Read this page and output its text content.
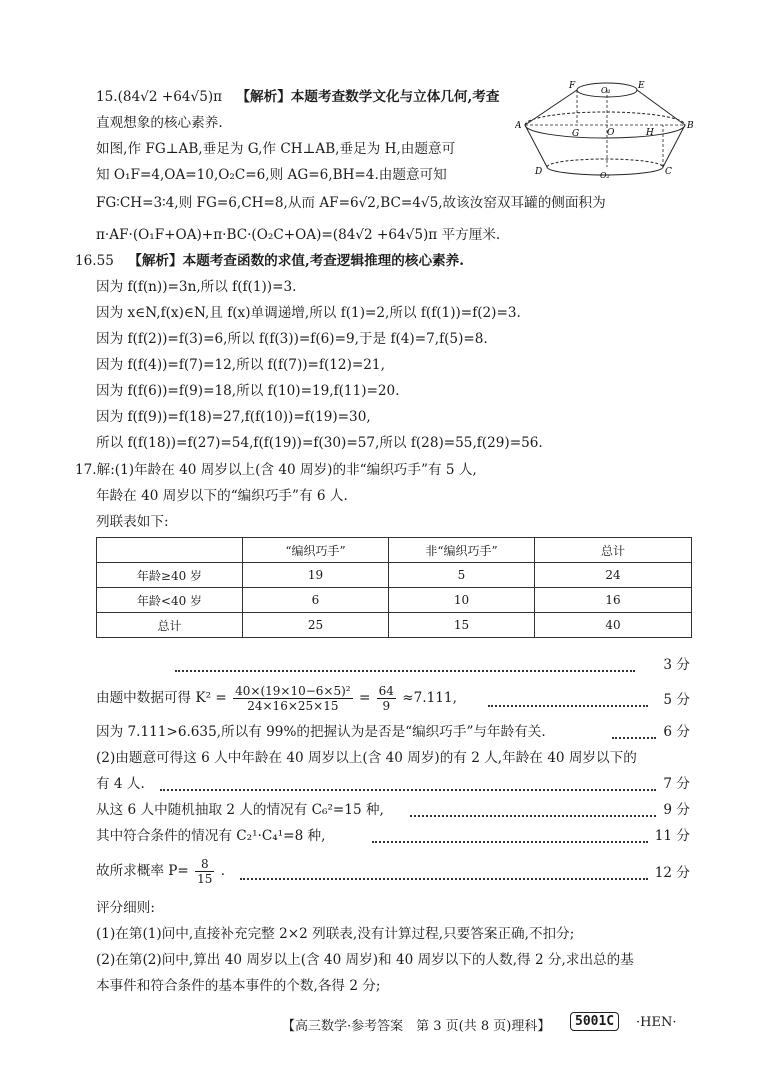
15.(84√2 +64√5)π 【解析】本题考查数学文化与立体几何,考查
直观想象的核心素养.
如图,作 FG⊥AB,垂足为 G,作 CH⊥AB,垂足为 H,由题意可
知 O₁F=4,OA=10,O₂C=6,则 AG=6,BH=4.由题意可知
FG∶CH=3∶4,则 FG=6,CH=8,从而 AF=6√2,BC=4√5,故该汝窑双耳罐的侧面积为
π·AF·(O₁F+OA)+π·BC·(O₂C+OA)=(84√2 +64√5)π 平方厘米.
F	O₁	E
A
G	O	H
B
D	O₂	C
16.55 【解析】本题考查函数的求值,考查逻辑推理的核心素养.
因为 f(f(n))=3n,所以 f(f(1))=3.
因为 x∈N,f(x)∈N,且 f(x)单调递增,所以 f(1)=2,所以 f(f(1))=f(2)=3.
因为 f(f(2))=f(3)=6,所以 f(f(3))=f(6)=9,于是 f(4)=7,f(5)=8.
因为 f(f(4))=f(7)=12,所以 f(f(7))=f(12)=21,
因为 f(f(6))=f(9)=18,所以 f(10)=19,f(11)=20.
因为 f(f(9))=f(18)=27,f(f(10))=f(19)=30,
所以 f(f(18))=f(27)=54,f(f(19))=f(30)=57,所以 f(28)=55,f(29)=56.
17.解:(1)年龄在 40 周岁以上(含 40 周岁)的非“编织巧手”有 5 人,
年龄在 40 周岁以下的“编织巧手”有 6 人.
列联表如下:
	“编织巧手”	非“编织巧手”	总计
年龄≥40 岁	19	5	24
年龄<40 岁	6	10	16
总计	25	15	40
3 分
由题中数据可得 $K^2 = \frac{\text{40×(19×10−6×5)²}}{24\times 16\times 25\times 15} = \frac{64}{9} \approx 7.111$,	5 分
因为 7.111>6.635,所以有 99%的把握认为是否是“编织巧手”与年龄有关.	6 分
(2)由题意可得这 6 人中年龄在 40 周岁以上(含 40 周岁)的有 2 人,年龄在 40 周岁以下的
有 4 人.	7 分
从这 6 人中随机抽取 2 人的情况有 C₆²=15 种,	9 分
其中符合条件的情况有 C₂¹·C₄¹=8 种,	11 分
故所求概率 $P= \frac{8}{15}$ .	12 分
评分细则:
(1)在第(1)问中,直接补充完整 2×2 列联表,没有计算过程,只要答案正确,不扣分;
(2)在第(2)问中,算出 40 周岁以上(含 40 周岁)和 40 周岁以下的人数,得 2 分,求出总的基
本事件和符合条件的基本事件的个数,各得 2 分;
【高三数学·参考答案　第 3 页(共 8 页)理科】	5001C	·HEN·
